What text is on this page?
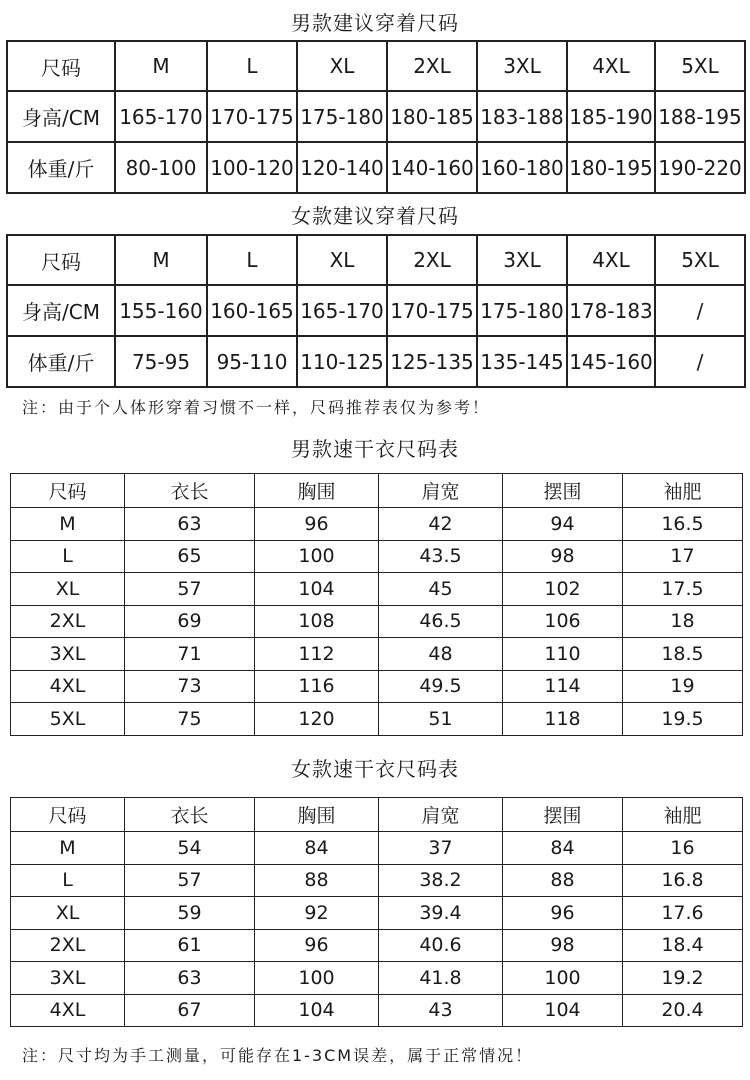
男款建议穿着尺码
尺码	M	L	XL	2XL	3XL	4XL	5XL
身高/CM	165-170	170-175	175-180	180-185	183-188	185-190	188-195
体重/斤	80-100	100-120	120-140	140-160	160-180	180-195	190-220
女款建议穿着尺码
尺码	M	L	XL	2XL	3XL	4XL	5XL
身高/CM	155-160	160-165	165-170	170-175	175-180	178-183	/
体重/斤	75-95	95-110	110-125	125-135	135-145	145-160	/
注：由于个人体形穿着习惯不一样，尺码推荐表仅为参考！
男款速干衣尺码表
尺码	衣长	胸围	肩宽	摆围	袖肥
M	63	96	42	94	16.5
L	65	100	43.5	98	17
XL	57	104	45	102	17.5
2XL	69	108	46.5	106	18
3XL	71	112	48	110	18.5
4XL	73	116	49.5	114	19
5XL	75	120	51	118	19.5
女款速干衣尺码表
尺码	衣长	胸围	肩宽	摆围	袖肥
M	54	84	37	84	16
L	57	88	38.2	88	16.8
XL	59	92	39.4	96	17.6
2XL	61	96	40.6	98	18.4
3XL	63	100	41.8	100	19.2
4XL	67	104	43	104	20.4
注：尺寸均为手工测量，可能存在1-3CM误差，属于正常情况！
